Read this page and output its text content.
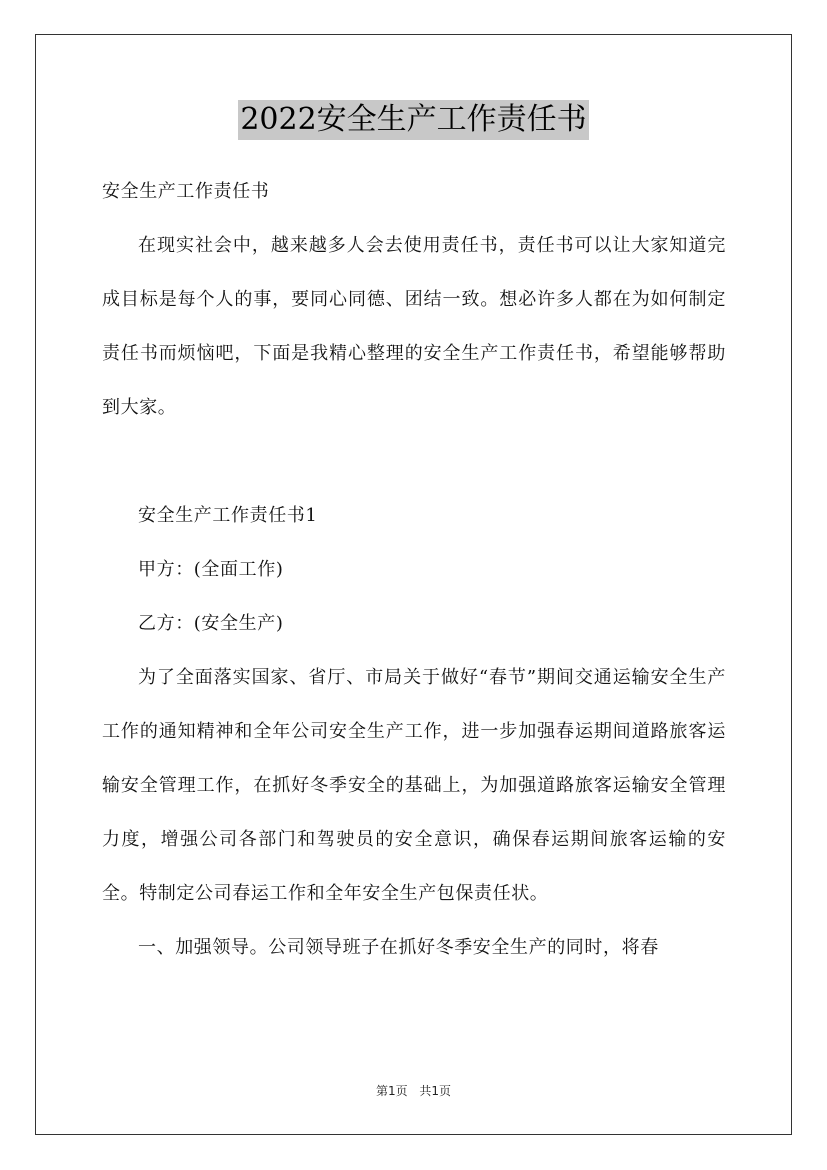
2022安全生产工作责任书

安全生产工作责任书

在现实社会中，越来越多人会去使用责任书，责任书可以让大家知道完成目标是每个人的事，要同心同德、团结一致。想必许多人都在为如何制定责任书而烦恼吧，下面是我精心整理的安全生产工作责任书，希望能够帮助到大家。

安全生产工作责任书1

甲方：(全面工作)

乙方：(安全生产)

为了全面落实国家、省厅、市局关于做好“春节”期间交通运输安全生产工作的通知精神和全年公司安全生产工作，进一步加强春运期间道路旅客运输安全管理工作，在抓好冬季安全的基础上，为加强道路旅客运输安全管理力度，增强公司各部门和驾驶员的安全意识，确保春运期间旅客运输的安全。特制定公司春运工作和全年安全生产包保责任状。

一、加强领导。公司领导班子在抓好冬季安全生产的同时，将春

第1页 共1页
